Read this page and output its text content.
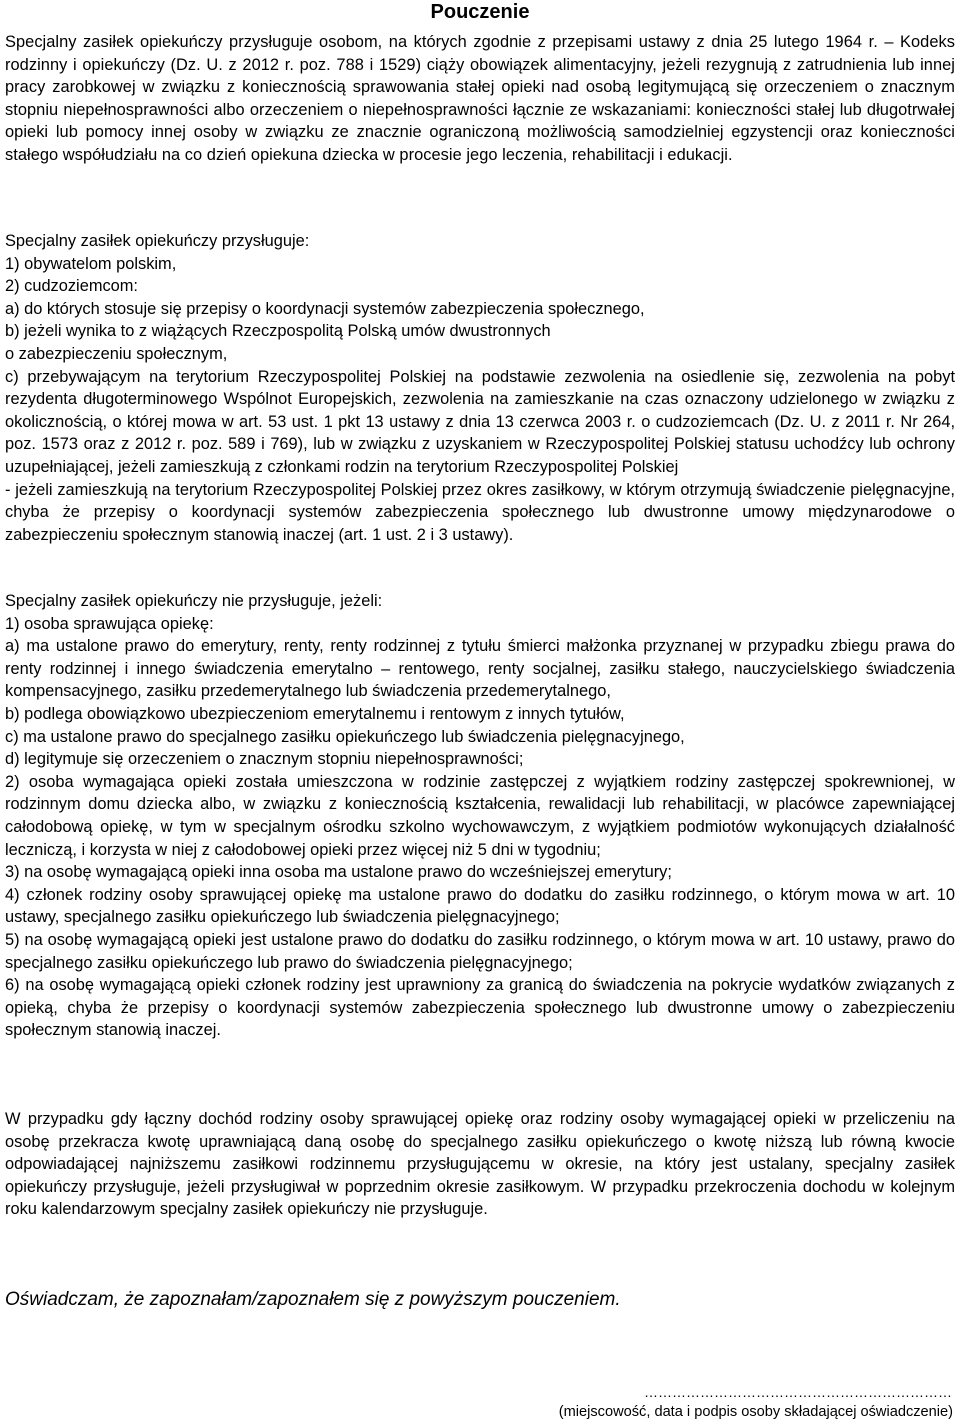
Pouczenie

Specjalny zasiłek opiekuńczy przysługuje osobom, na których zgodnie z przepisami ustawy z dnia 25 lutego 1964 r. – Kodeks rodzinny i opiekuńczy (Dz. U. z 2012 r. poz. 788 i 1529) ciąży obowiązek alimentacyjny, jeżeli rezygnują z zatrudnienia lub innej pracy zarobkowej w związku z koniecznością sprawowania stałej opieki nad osobą legitymującą się orzeczeniem o znacznym stopniu niepełnosprawności albo orzeczeniem o niepełnosprawności łącznie ze wskazaniami: konieczności stałej lub długotrwałej opieki lub pomocy innej osoby w związku ze znacznie ograniczoną możliwością samodzielniej egzystencji oraz konieczności stałego współudziału na co dzień opiekuna dziecka w procesie jego leczenia, rehabilitacji i edukacji.

Specjalny zasiłek opiekuńczy przysługuje:
1) obywatelom polskim,
2) cudzoziemcom:
a) do których stosuje się przepisy o koordynacji systemów zabezpieczenia społecznego,
b) jeżeli wynika to z wiążących Rzeczpospolitą Polską umów dwustronnych
o zabezpieczeniu społecznym,
c) przebywającym na terytorium Rzeczypospolitej Polskiej na podstawie zezwolenia na osiedlenie się, zezwolenia na pobyt rezydenta długoterminowego Wspólnot Europejskich, zezwolenia na zamieszkanie na czas oznaczony udzielonego w związku z okolicznością, o której mowa w art. 53 ust. 1 pkt 13 ustawy z dnia 13 czerwca 2003 r. o cudzoziemcach (Dz. U. z 2011 r. Nr 264, poz. 1573 oraz z 2012 r. poz. 589 i 769), lub w związku z uzyskaniem w Rzeczypospolitej Polskiej statusu uchodźcy lub ochrony uzupełniającej, jeżeli zamieszkują z członkami rodzin na terytorium Rzeczypospolitej Polskiej
- jeżeli zamieszkują na terytorium Rzeczypospolitej Polskiej przez okres zasiłkowy, w którym otrzymują świadczenie pielęgnacyjne, chyba że przepisy o koordynacji systemów zabezpieczenia społecznego lub dwustronne umowy międzynarodowe o zabezpieczeniu społecznym stanowią inaczej (art. 1 ust. 2 i 3 ustawy).
Specjalny zasiłek opiekuńczy nie przysługuje, jeżeli:
1) osoba sprawująca opiekę:
a) ma ustalone prawo do emerytury, renty, renty rodzinnej z tytułu śmierci małżonka przyznanej w przypadku zbiegu prawa do renty rodzinnej i innego świadczenia emerytalno – rentowego, renty socjalnej, zasiłku stałego, nauczycielskiego świadczenia kompensacyjnego, zasiłku przedemerytalnego lub świadczenia przedemerytalnego,
b) podlega obowiązkowo ubezpieczeniom emerytalnemu i rentowym z innych tytułów,
c) ma ustalone prawo do specjalnego zasiłku opiekuńczego lub świadczenia pielęgnacyjnego,
d) legitymuje się orzeczeniem o znacznym stopniu niepełnosprawności;
2) osoba wymagająca opieki została umieszczona w rodzinie zastępczej z wyjątkiem rodziny zastępczej spokrewnionej, w rodzinnym domu dziecka albo, w związku z koniecznością kształcenia, rewalidacji lub rehabilitacji, w placówce zapewniającej całodobową opiekę, w tym w specjalnym ośrodku szkolno wychowawczym, z wyjątkiem podmiotów wykonujących działalność leczniczą, i korzysta w niej z całodobowej opieki przez więcej niż 5 dni w tygodniu;
3) na osobę wymagającą opieki inna osoba ma ustalone prawo do wcześniejszej emerytury;
4) członek rodziny osoby sprawującej opiekę ma ustalone prawo do dodatku do zasiłku rodzinnego, o którym mowa w art. 10 ustawy, specjalnego zasiłku opiekuńczego lub świadczenia pielęgnacyjnego;
5) na osobę wymagającą opieki jest ustalone prawo do dodatku do zasiłku rodzinnego, o którym mowa w art. 10 ustawy, prawo do specjalnego zasiłku opiekuńczego lub prawo do świadczenia pielęgnacyjnego;
6) na osobę wymagającą opieki członek rodziny jest uprawniony za granicą do świadczenia na pokrycie wydatków związanych z opieką, chyba że przepisy o koordynacji systemów zabezpieczenia społecznego lub dwustronne umowy o zabezpieczeniu społecznym stanowią inaczej.

W przypadku gdy łączny dochód rodziny osoby sprawującej opiekę oraz rodziny osoby wymagającej opieki w przeliczeniu na osobę przekracza kwotę uprawniającą daną osobę do specjalnego zasiłku opiekuńczego o kwotę niższą lub równą kwocie odpowiadającej najniższemu zasiłkowi rodzinnemu przysługującemu w okresie, na który jest ustalany, specjalny zasiłek opiekuńczy przysługuje, jeżeli przysługiwał w poprzednim okresie zasiłkowym. W przypadku przekroczenia dochodu w kolejnym roku kalendarzowym specjalny zasiłek opiekuńczy nie przysługuje.

Oświadczam, że zapoznałam/zapoznałem się z powyższym pouczeniem.

…………………………………………………………

(miejscowość, data i podpis osoby składającej oświadczenie)
